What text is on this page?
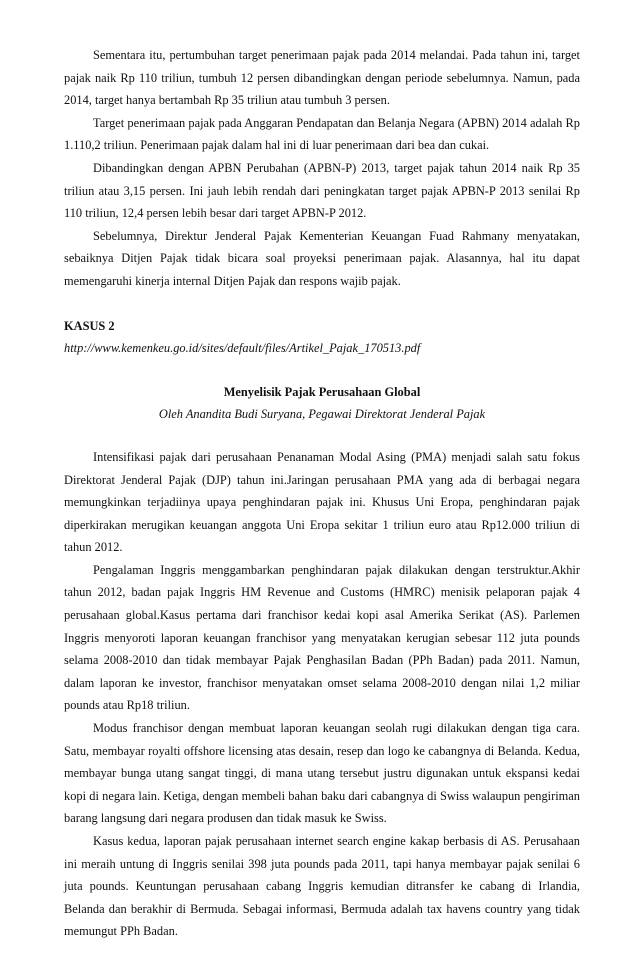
Sementara itu, pertumbuhan target penerimaan pajak pada 2014 melandai. Pada tahun ini, target pajak naik Rp 110 triliun, tumbuh 12 persen dibandingkan dengan periode sebelumnya. Namun, pada 2014, target hanya bertambah Rp 35 triliun atau tumbuh 3 persen.

Target penerimaan pajak pada Anggaran Pendapatan dan Belanja Negara (APBN) 2014 adalah Rp 1.110,2 triliun. Penerimaan pajak dalam hal ini di luar penerimaan dari bea dan cukai.

Dibandingkan dengan APBN Perubahan (APBN-P) 2013, target pajak tahun 2014 naik Rp 35 triliun atau 3,15 persen. Ini jauh lebih rendah dari peningkatan target pajak APBN-P 2013 senilai Rp 110 triliun, 12,4 persen lebih besar dari target APBN-P 2012.

Sebelumnya, Direktur Jenderal Pajak Kementerian Keuangan Fuad Rahmany menyatakan, sebaiknya Ditjen Pajak tidak bicara soal proyeksi penerimaan pajak. Alasannya, hal itu dapat memengaruhi kinerja internal Ditjen Pajak dan respons wajib pajak.

KASUS 2

http://www.kemenkeu.go.id/sites/default/files/Artikel_Pajak_170513.pdf

Menyelisik Pajak Perusahaan Global

Oleh Anandita Budi Suryana, Pegawai Direktorat Jenderal Pajak

Intensifikasi pajak dari perusahaan Penanaman Modal Asing (PMA) menjadi salah satu fokus Direktorat Jenderal Pajak (DJP) tahun ini.Jaringan perusahaan PMA yang ada di berbagai negara memungkinkan terjadiinya upaya penghindaran pajak ini. Khusus Uni Eropa, penghindaran pajak diperkirakan merugikan keuangan anggota Uni Eropa sekitar 1 triliun euro atau Rp12.000 triliun di tahun 2012.

Pengalaman Inggris menggambarkan penghindaran pajak dilakukan dengan terstruktur.Akhir tahun 2012, badan pajak Inggris HM Revenue and Customs (HMRC) menisik pelaporan pajak 4 perusahaan global.Kasus pertama dari franchisor kedai kopi asal Amerika Serikat (AS). Parlemen Inggris menyoroti laporan keuangan franchisor yang menyatakan kerugian sebesar 112 juta pounds selama 2008-2010 dan tidak membayar Pajak Penghasilan Badan (PPh Badan) pada 2011. Namun, dalam laporan ke investor, franchisor menyatakan omset selama 2008-2010 dengan nilai 1,2 miliar pounds atau Rp18 triliun.

Modus franchisor dengan membuat laporan keuangan seolah rugi dilakukan dengan tiga cara. Satu, membayar royalti offshore licensing atas desain, resep dan logo ke cabangnya di Belanda. Kedua, membayar bunga utang sangat tinggi, di mana utang tersebut justru digunakan untuk ekspansi kedai kopi di negara lain. Ketiga, dengan membeli bahan baku dari cabangnya di Swiss walaupun pengiriman barang langsung dari negara produsen dan tidak masuk ke Swiss.

Kasus kedua, laporan pajak perusahaan internet search engine kakap berbasis di AS. Perusahaan ini meraih untung di Inggris senilai 398 juta pounds pada 2011, tapi hanya membayar pajak senilai 6 juta pounds. Keuntungan perusahaan cabang Inggris kemudian ditransfer ke cabang di Irlandia, Belanda dan berakhir di Bermuda. Sebagai informasi, Bermuda adalah tax havens country yang tidak memungut PPh Badan.
